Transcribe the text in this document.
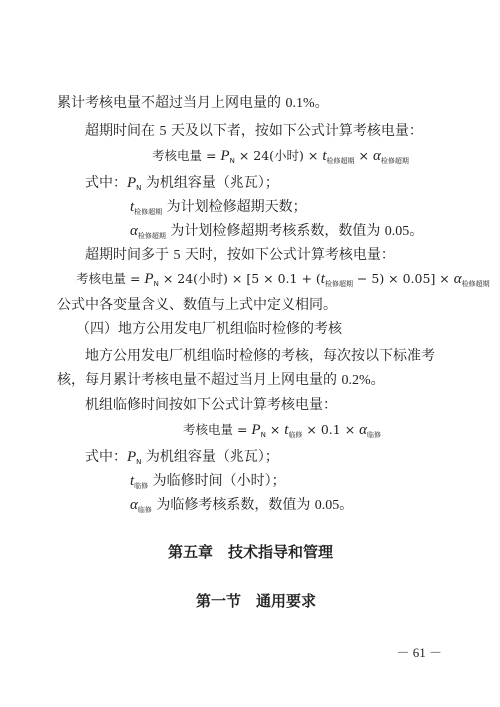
累计考核电量不超过当月上网电量的 0.1%。
超期时间在 5 天及以下者，按如下公式计算考核电量：
考核电量 = $P_N \times 24$(小时) × $t_{检修超期} \times \alpha_{检修超期}$
式中：$P_N$ 为机组容量（兆瓦）；
$t_{检修超期}$ 为计划检修超期天数；
$\alpha_{检修超期}$ 为计划检修超期考核系数，数值为 0.05。
超期时间多于 5 天时，按如下公式计算考核电量：
考核电量 = $P_N \times 24$(小时) × $[5 \times 0.1 + (t_{检修超期} - 5) \times 0.05] \times \alpha_{检修超期}$
公式中各变量含义、数值与上式中定义相同。
（四）地方公用发电厂机组临时检修的考核
地方公用发电厂机组临时检修的考核，每次按以下标准考
核，每月累计考核电量不超过当月上网电量的 0.2%。
机组临修时间按如下公式计算考核电量：
考核电量 = $P_N \times t_{临修} \times 0.1 \times \alpha_{临修}$
式中：$P_N$ 为机组容量（兆瓦）；
$t_{临修}$ 为临修时间（小时）；
$\alpha_{临修}$ 为临修考核系数，数值为 0.05。
第五章　技术指导和管理
第一节　通用要求
－ 61 －
